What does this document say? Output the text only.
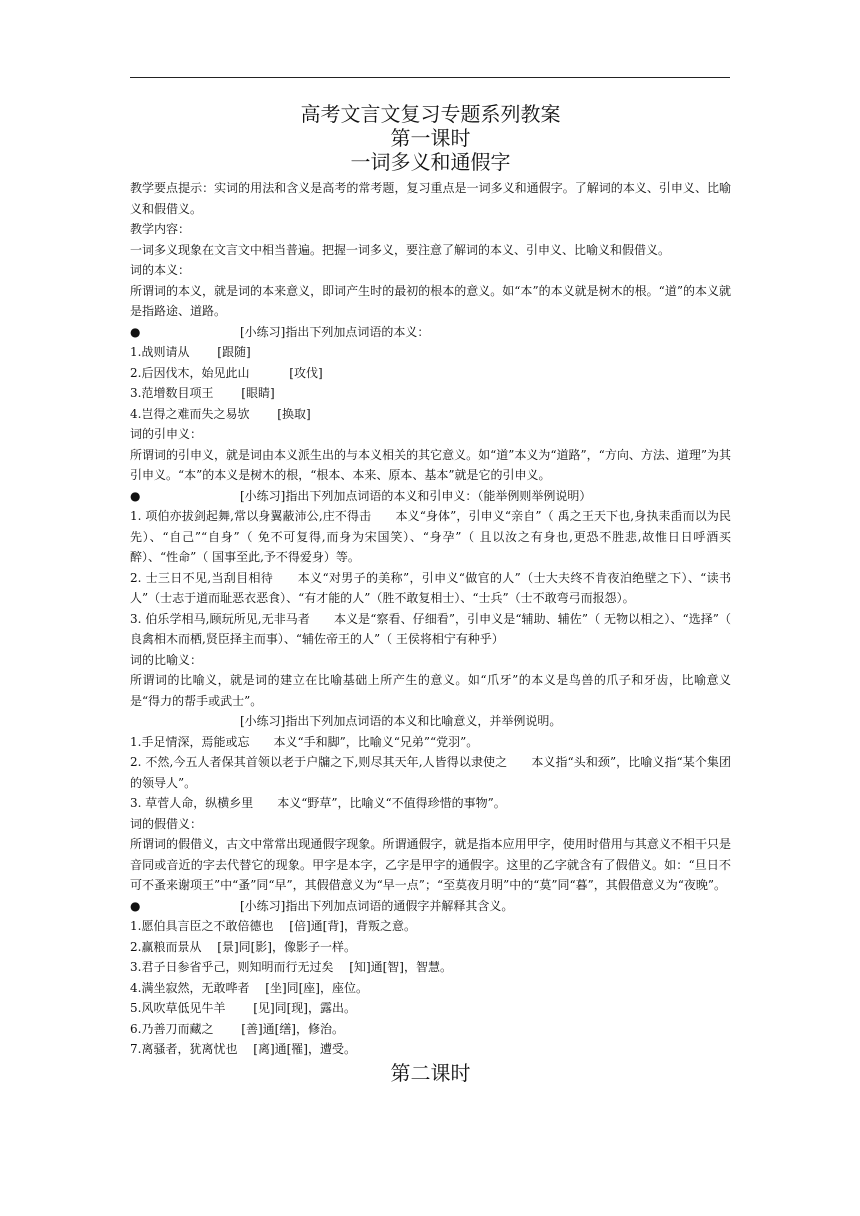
高考文言文复习专题系列教案
第一课时
一词多义和通假字

教学要点提示：实词的用法和含义是高考的常考题，复习重点是一词多义和通假字。了解词的本义、引申义、比喻义和假借义。

教学内容：

一词多义现象在文言文中相当普遍。把握一词多义，要注意了解词的本义、引申义、比喻义和假借义。

词的本义：

所谓词的本义，就是词的本来意义，即词产生时的最初的根本的意义。如“本”的本义就是树木的根。“道”的本义就是指路途、道路。

●	[小练习]指出下列加点词语的本义：

1.战则请从 　　[跟随]

2.后因伐木，始见此山 　　　[攻伐]

3.范增数目项王 　　[眼睛]

4.岂得之难而失之易欤 　　[换取]

词的引申义：

所谓词的引申义，就是词由本义派生出的与本义相关的其它意义。如“道”本义为“道路”，“方向、方法、道理”为其引申义。“本”的本义是树木的根，“根本、本来、原本、基本”就是它的引申义。

●	[小练习]指出下列加点词语的本义和引申义：（能举例则举例说明）

1. 项伯亦拔剑起舞,常以身翼蔽沛公,庄不得击　　本义“身体”，引申义“亲自”（ 禹之王天下也,身执耒臿而以为民先）、“自己”“自身”（ 免不可复得,而身为宋国笑）、“身孕”（ 且以汝之有身也,更恐不胜悲,故惟日日呼酒买醉）、“性命”（ 国事至此,予不得爱身）等。

2. 士三日不见,当刮目相待　　本义“对男子的美称”，引申义“做官的人”（士大夫终不肯夜泊绝壁之下）、“读书人”（士志于道而耻恶衣恶食）、“有才能的人”（胜不敢复相士）、“士兵”（士不敢弯弓而报怨）。

3. 伯乐学相马,顾玩所见,无非马者　　本义是“察看、仔细看”，引申义是“辅助、辅佐”（ 无物以相之）、“选择”（ 良禽相木而栖,贤臣择主而事）、“辅佐帝王的人”（ 王侯将相宁有种乎）

词的比喻义：

所谓词的比喻义，就是词的建立在比喻基础上所产生的意义。如“爪牙”的本义是鸟兽的爪子和牙齿，比喻意义是“得力的帮手或武士”。

[小练习]指出下列加点词语的本义和比喻意义，并举例说明。

1.手足情深，焉能或忘　　本义“手和脚”，比喻义“兄弟”“党羽”。

2. 不然,今五人者保其首领以老于户牖之下,则尽其天年,人皆得以隶使之　　本义指“头和颈”，比喻义指“某个集团的领导人”。

3. 草菅人命，纵横乡里　　本义“野草”，比喻义“不值得珍惜的事物”。

词的假借义：

所谓词的假借义，古文中常常出现通假字现象。所谓通假字，就是指本应用甲字，使用时借用与其意义不相干只是音同或音近的字去代替它的现象。甲字是本字，乙字是甲字的通假字。这里的乙字就含有了假借义。如：“旦日不可不蚤来谢项王”中“蚤”同“早”，其假借意义为“早一点”；“至莫夜月明”中的“莫”同“暮”，其假借意义为“夜晚”。

●	[小练习]指出下列加点词语的通假字并解释其含义。

1.愿伯具言臣之不敢倍德也　 [倍]通[背]，背叛之意。

2.赢粮而景从　 [景]同[影]，像影子一样。

3.君子日参省乎己，则知明而行无过矣　 [知]通[智]，智慧。

4.满坐寂然，无敢哗者　 [坐]同[座]，座位。

5.风吹草低见牛羊　　 [见]同[现]，露出。

6.乃善刀而藏之　　 [善]通[缮]，修治。

7.离骚者，犹离忧也　 [离]通[罹]，遭受。

第二课时
